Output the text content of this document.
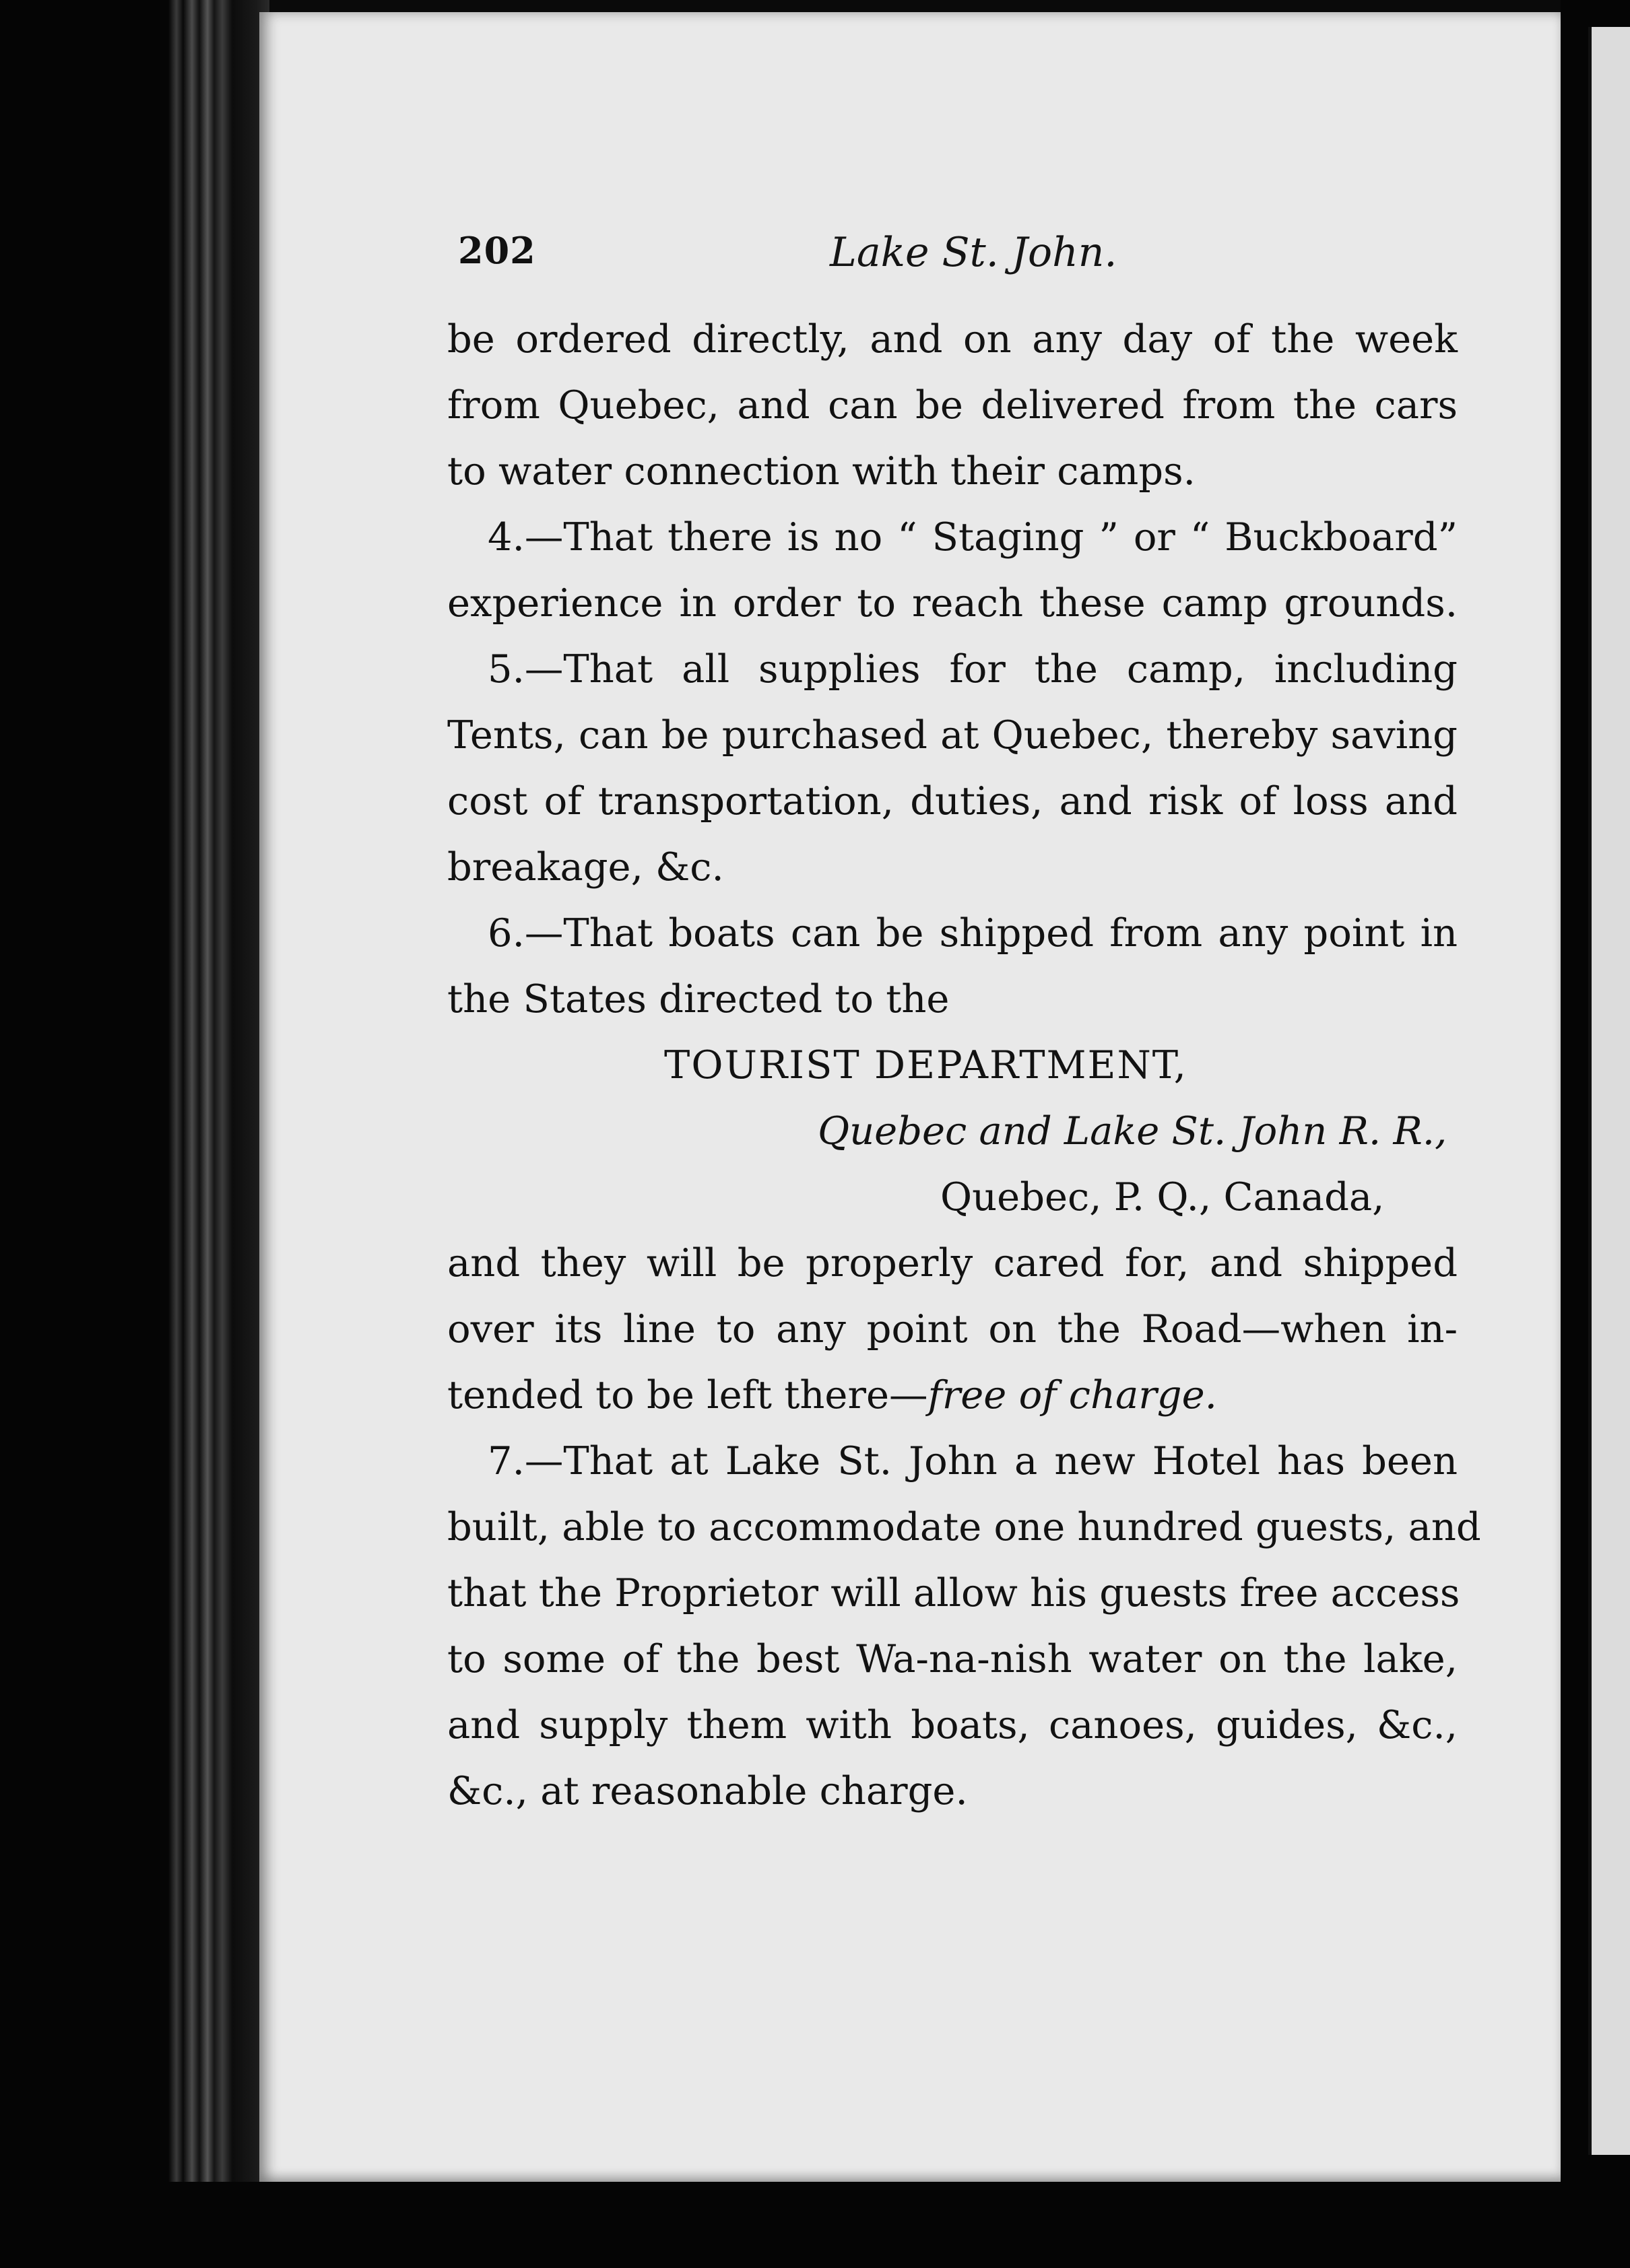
202	Lake St. John.
be ordered directly, and on any day of the week
from Quebec, and can be delivered from the cars
to water connection with their camps.
4.—That there is no “ Staging ” or “ Buckboard”
experience in order to reach these camp grounds.
5.—That all supplies for the camp, including
Tents, can be purchased at Quebec, thereby saving
cost of transportation, duties, and risk of loss and
breakage, &c.
6.—That boats can be shipped from any point in
the States directed to the
TOURIST DEPARTMENT,
Quebec and Lake St. John R. R.,
Quebec, P. Q., Canada,
and they will be properly cared for, and shipped
over its line to any point on the Road—when in-
tended to be left there—free of charge.
7.—That at Lake St. John a new Hotel has been
built, able to accommodate one hundred guests, and
that the Proprietor will allow his guests free access
to some of the best Wa-na-nish water on the lake,
and supply them with boats, canoes, guides, &c.,
&c., at reasonable charge.
